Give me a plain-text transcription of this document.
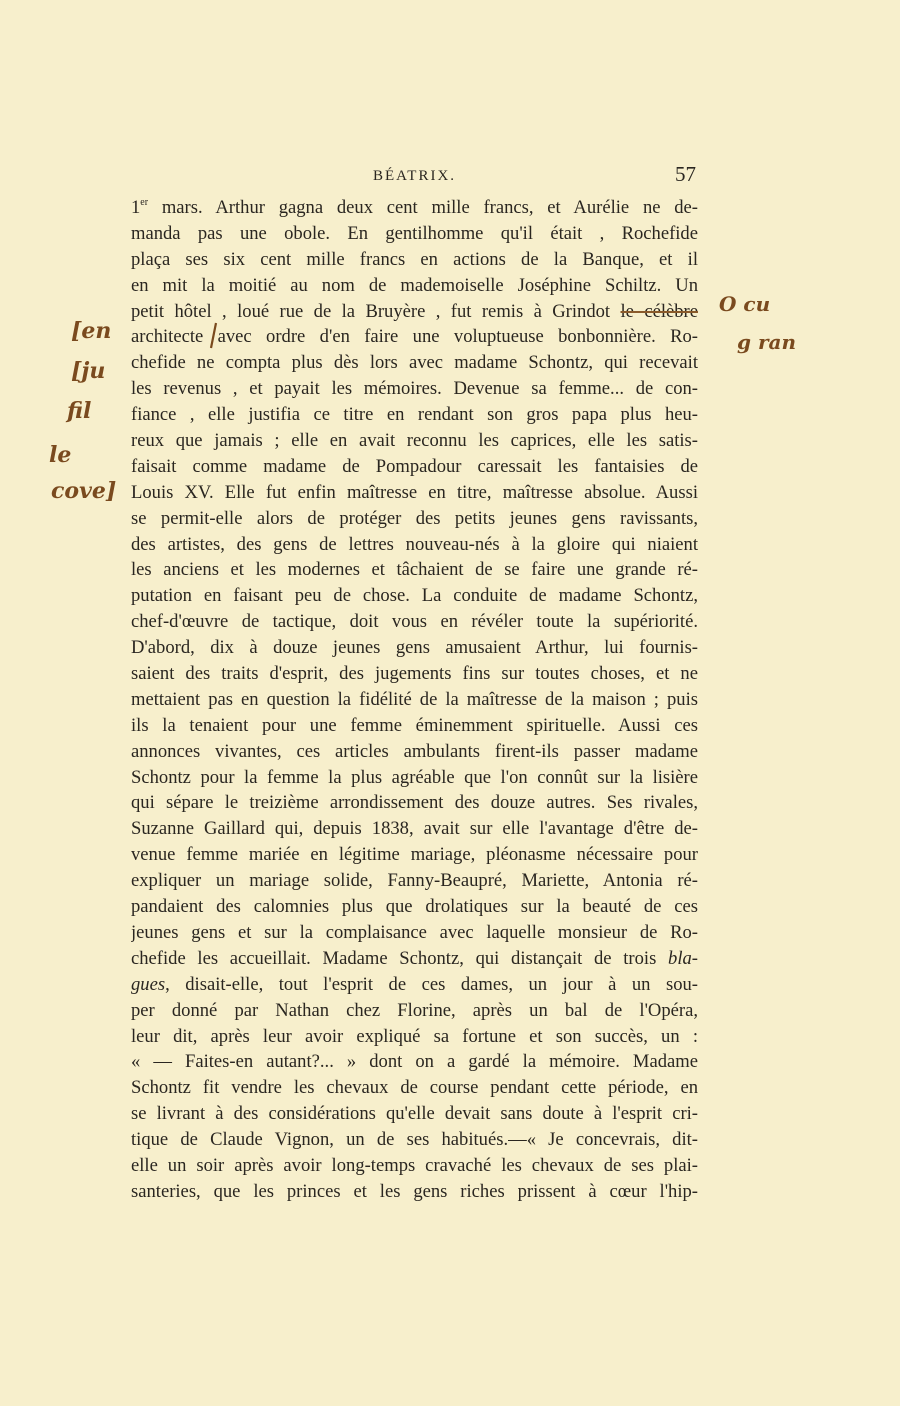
BÉATRIX.	57
1er mars. Arthur gagna deux cent mille francs, et Aurélie ne de-
manda pas une obole. En gentilhomme qu'il était , Rochefide
plaça ses six cent mille francs en actions de la Banque, et il
en mit la moitié au nom de mademoiselle Joséphine Schiltz. Un
petit hôtel , loué rue de la Bruyère , fut remis à Grindot le célèbre
architecte avec ordre d'en faire une voluptueuse bonbonnière. Ro-
chefide ne compta plus dès lors avec madame Schontz, qui recevait
les revenus , et payait les mémoires. Devenue sa femme... de con-
fiance , elle justifia ce titre en rendant son gros papa plus heu-
reux que jamais ; elle en avait reconnu les caprices, elle les satis-
faisait comme madame de Pompadour caressait les fantaisies de
Louis XV. Elle fut enfin maîtresse en titre, maîtresse absolue. Aussi
se permit-elle alors de protéger des petits jeunes gens ravissants,
des artistes, des gens de lettres nouveau-nés à la gloire qui niaient
les anciens et les modernes et tâchaient de se faire une grande ré-
putation en faisant peu de chose. La conduite de madame Schontz,
chef-d'œuvre de tactique, doit vous en révéler toute la supériorité.
D'abord, dix à douze jeunes gens amusaient Arthur, lui fournis-
saient des traits d'esprit, des jugements fins sur toutes choses, et ne
mettaient pas en question la fidélité de la maîtresse de la maison ; puis
ils la tenaient pour une femme éminemment spirituelle. Aussi ces
annonces vivantes, ces articles ambulants firent-ils passer madame
Schontz pour la femme la plus agréable que l'on connût sur la lisière
qui sépare le treizième arrondissement des douze autres. Ses rivales,
Suzanne Gaillard qui, depuis 1838, avait sur elle l'avantage d'être de-
venue femme mariée en légitime mariage, pléonasme nécessaire pour
expliquer un mariage solide, Fanny-Beaupré, Mariette, Antonia ré-
pandaient des calomnies plus que drolatiques sur la beauté de ces
jeunes gens et sur la complaisance avec laquelle monsieur de Ro-
chefide les accueillait. Madame Schontz, qui distançait de trois bla-
gues, disait-elle, tout l'esprit de ces dames, un jour à un sou-
per donné par Nathan chez Florine, après un bal de l'Opéra,
leur dit, après leur avoir expliqué sa fortune et son succès, un :
« — Faites-en autant?... » dont on a gardé la mémoire. Madame
Schontz fit vendre les chevaux de course pendant cette période, en
se livrant à des considérations qu'elle devait sans doute à l'esprit cri-
tique de Claude Vignon, un de ses habitués.—« Je concevrais, dit-
elle un soir après avoir long-temps cravaché les chevaux de ses plai-
santeries, que les princes et les gens riches prissent à cœur l'hip-
[en
[ju
fil
le
cove]
O cu
g ran
